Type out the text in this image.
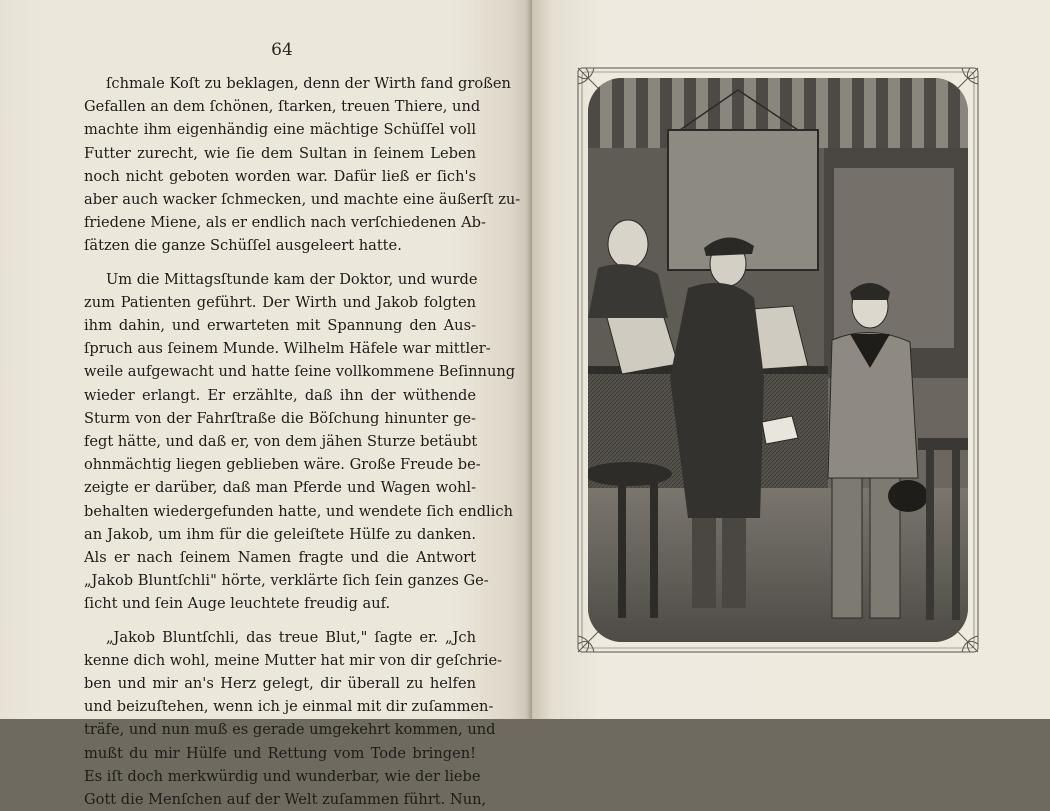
64
ſchmale Koſt zu beklagen, denn der Wirth fand großen
Gefallen an dem ſchönen, ſtarken, treuen Thiere, und
machte ihm eigenhändig eine mächtige Schüſſel voll
Futter zurecht, wie ſie dem Sultan in ſeinem Leben
noch nicht geboten worden war. Dafür ließ er ſich's
aber auch wacker ſchmecken, und machte eine äußerſt zu-
friedene Miene, als er endlich nach verſchiedenen Ab-
ſätzen die ganze Schüſſel ausgeleert hatte.
Um die Mittagsſtunde kam der Doktor, und wurde
zum Patienten geführt. Der Wirth und Jakob folgten
ihm dahin, und erwarteten mit Spannung den Aus-
ſpruch aus ſeinem Munde. Wilhelm Häfele war mittler-
weile aufgewacht und hatte ſeine vollkommene Beſinnung
wieder erlangt. Er erzählte, daß ihn der wüthende
Sturm von der Fahrſtraße die Böſchung hinunter ge-
fegt hätte, und daß er, von dem jähen Sturze betäubt
ohnmächtig liegen geblieben wäre. Große Freude be-
zeigte er darüber, daß man Pferde und Wagen wohl-
behalten wiedergefunden hatte, und wendete ſich endlich
an Jakob, um ihm für die geleiſtete Hülfe zu danken.
Als er nach ſeinem Namen fragte und die Antwort
„Jakob Bluntſchli" hörte, verklärte ſich ſein ganzes Ge-
ſicht und ſein Auge leuchtete freudig auf.
„Jakob Bluntſchli, das treue Blut," ſagte er. „Jch
kenne dich wohl, meine Mutter hat mir von dir geſchrie-
ben und mir an's Herz gelegt, dir überall zu helfen
und beizuſtehen, wenn ich je einmal mit dir zuſammen-
träfe, und nun muß es gerade umgekehrt kommen, und
mußt du mir Hülfe und Rettung vom Tode bringen!
Es iſt doch merkwürdig und wunderbar, wie der liebe
Gott die Menſchen auf der Welt zuſammen führt. Nun,
